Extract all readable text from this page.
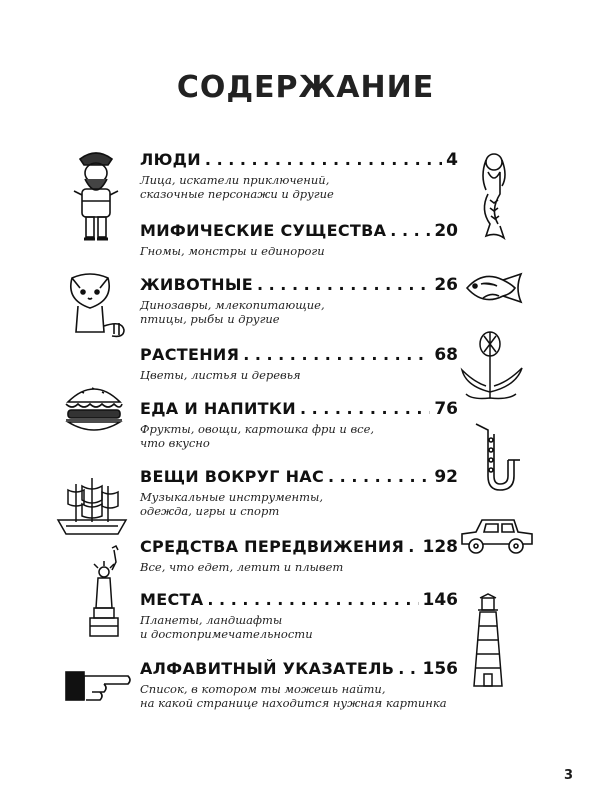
СОДЕРЖАНИЕ
ЛЮДИ . . .	4
Лица, искатели приключений,
сказочные персонажи и другие
МИФИЧЕСКИЕ СУЩЕСТВА . . .	20
Гномы, монстры и единороги
ЖИВОТНЫЕ . . .	26
Динозавры, млекопитающие,
птицы, рыбы и другие
РАСТЕНИЯ . . .	68
Цветы, листья и деревья
ЕДА И НАПИТКИ . . .	76
Фрукты, овощи, картошка фри и все,
что вкусно
ВЕЩИ ВОКРУГ НАС . . .	92
Музыкальные инструменты,
одежда, игры и спорт
СРЕДСТВА ПЕРЕДВИЖЕНИЯ . . . 128
Все, что едет, летит и плывет
МЕСТА . . .	146
Планеты, ландшафты
и достопримечательности
АЛФАВИТНЫЙ УКАЗАТЕЛЬ . . . 156
Список, в котором ты можешь найти,
на какой странице находится нужная картинка
3
